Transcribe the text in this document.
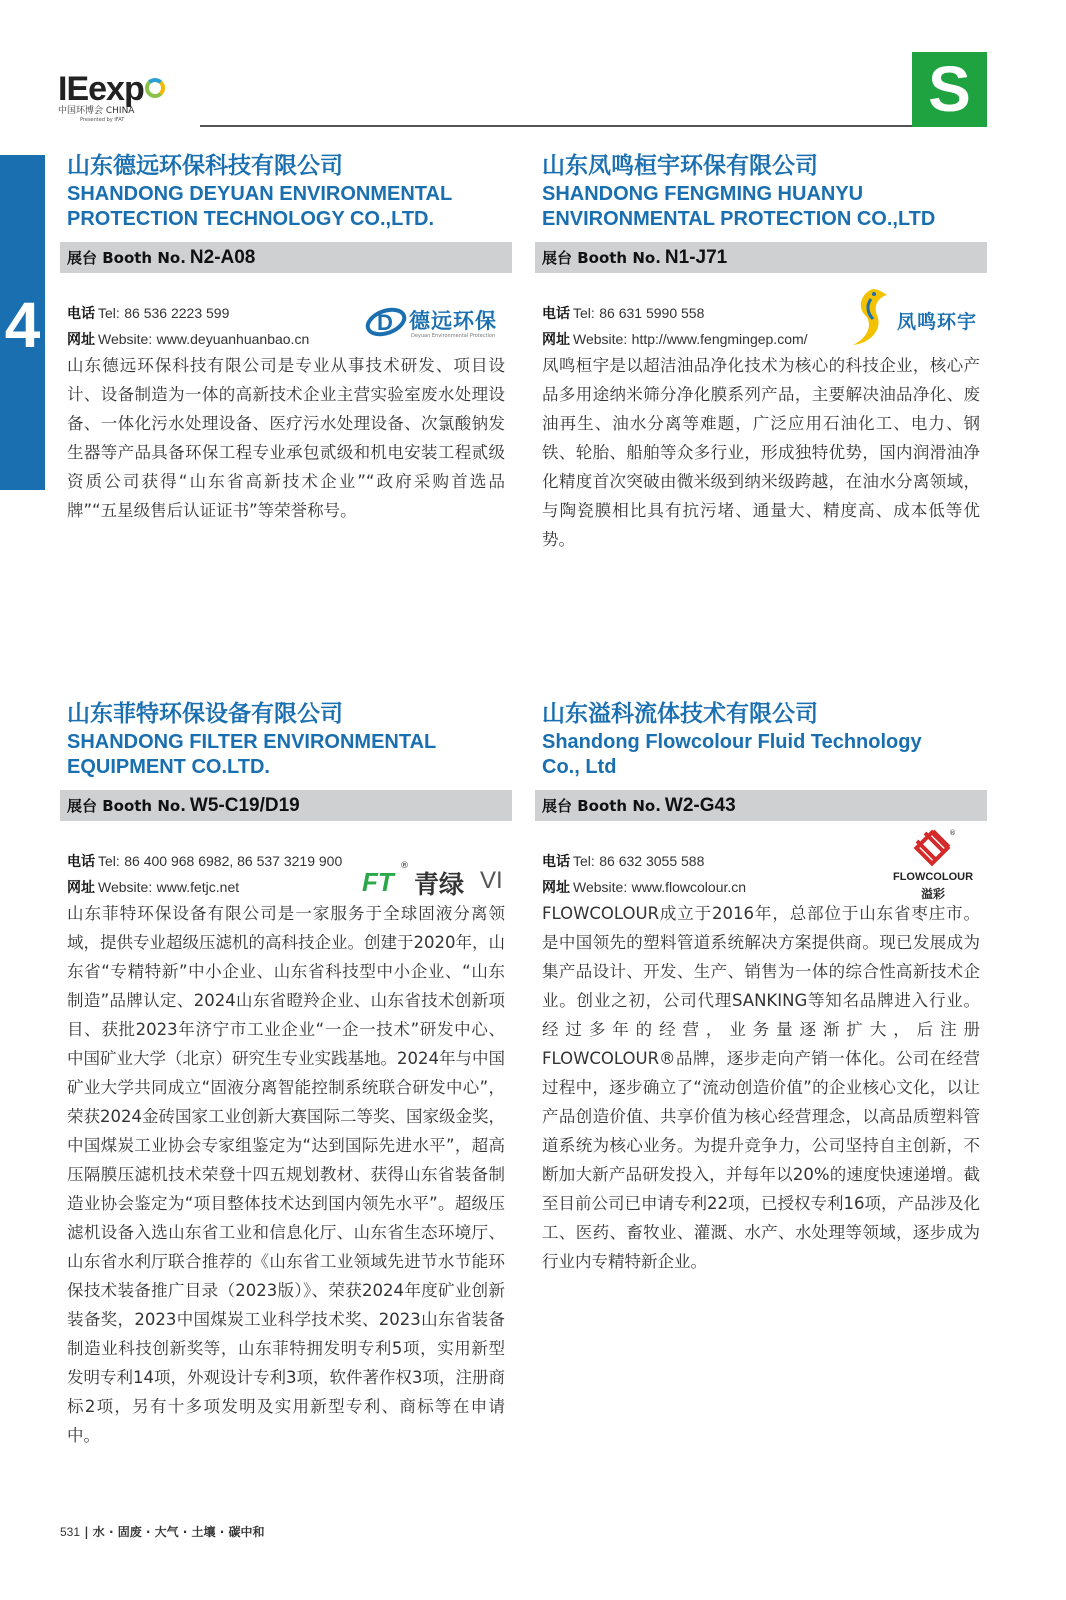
IEexp
中国环博会 CHINA
Presented by IFAT	S
4
山东德远环保科技有限公司
SHANDONG DEYUAN ENVIRONMENTAL
PROTECTION TECHNOLOGY CO.,LTD.
展台 Booth No. N2-A08
电话 Tel: 86 536 2223 599
网址 Website: www.deyuanhuanbao.cn
D 德远环保
Deyuan Environmental Protection

山东德远环保科技有限公司是专业从事技术研发、项目设计、设备制造为一体的高新技术企业主营实验室废水处理设备、一体化污水处理设备、医疗污水处理设备、次氯酸钠发生器等产品具备环保工程专业承包贰级和机电安装工程贰级资质公司获得“山东省高新技术企业”“政府采购首选品牌”“五星级售后认证证书”等荣誉称号。

山东凤鸣桓宇环保有限公司
SHANDONG FENGMING HUANYU
ENVIRONMENTAL PROTECTION CO.,LTD
展台 Booth No. N1-J71
电话 Tel: 86 631 5990 558
网址 Website: http://www.fengmingep.com/
凤鸣环宇

凤鸣桓宇是以超洁油品净化技术为核心的科技企业，核心产品多用途纳米筛分净化膜系列产品，主要解决油品净化、废油再生、油水分离等难题，广泛应用石油化工、电力、钢铁、轮胎、船舶等众多行业，形成独特优势，国内润滑油净化精度首次突破由微米级到纳米级跨越，在油水分离领域，与陶瓷膜相比具有抗污堵、通量大、精度高、成本低等优势。

山东菲特环保设备有限公司
SHANDONG FILTER ENVIRONMENTAL
EQUIPMENT CO.LTD.
展台 Booth No. W5-C19/D19
电话 Tel: 86 400 968 6982, 86 537 3219 900
网址 Website: www.fetjc.net	FT
®
青绿 VI

山东菲特环保设备有限公司是一家服务于全球固液分离领域，提供专业超级压滤机的高科技企业。创建于2020年，山东省“专精特新”中小企业、山东省科技型中小企业、“山东制造”品牌认定、2024山东省瞪羚企业、山东省技术创新项目、获批2023年济宁市工业企业“一企一技术”研发中心、中国矿业大学（北京）研究生专业实践基地。2024年与中国矿业大学共同成立“固液分离智能控制系统联合研发中心”，荣获2024金砖国家工业创新大赛国际二等奖、国家级金奖，中国煤炭工业协会专家组鉴定为“达到国际先进水平”，超高压隔膜压滤机技术荣登十四五规划教材、获得山东省装备制造业协会鉴定为“项目整体技术达到国内领先水平”。超级压滤机设备入选山东省工业和信息化厅、山东省生态环境厅、山东省水利厅联合推荐的《山东省工业领域先进节水节能环保技术装备推广目录（2023版）》、荣获2024年度矿业创新装备奖，2023中国煤炭工业科学技术奖、2023山东省装备制造业科技创新奖等，山东菲特拥发明专利5项，实用新型发明专利14项，外观设计专利3项，软件著作权3项，注册商标2项，另有十多项发明及实用新型专利、商标等在申请中。

山东溢科流体技术有限公司
Shandong Flowcolour Fluid Technology
Co., Ltd
展台 Booth No. W2-G43
电话 Tel: 86 632 3055 588
网址 Website: www.flowcolour.cn
®
FLOWCOLOUR
溢彩

FLOWCOLOUR成立于2016年，总部位于山东省枣庄市。是中国领先的塑料管道系统解决方案提供商。现已发展成为集产品设计、开发、生产、销售为一体的综合性高新技术企业。创业之初，公司代理SANKING等知名品牌进入行业。经过多年的经营，业务量逐渐扩大，后注册FLOWCOLOUR®品牌，逐步走向产销一体化。公司在经营过程中，逐步确立了“流动创造价值”的企业核心文化，以让产品创造价值、共享价值为核心经营理念，以高品质塑料管道系统为核心业务。为提升竞争力，公司坚持自主创新，不断加大新产品研发投入，并每年以20%的速度快速递增。截至目前公司已申请专利22项，已授权专利16项，产品涉及化工、医药、畜牧业、灌溉、水产、水处理等领域，逐步成为行业内专精特新企业。

531 | 水 · 固废 · 大气 · 土壤 · 碳中和
